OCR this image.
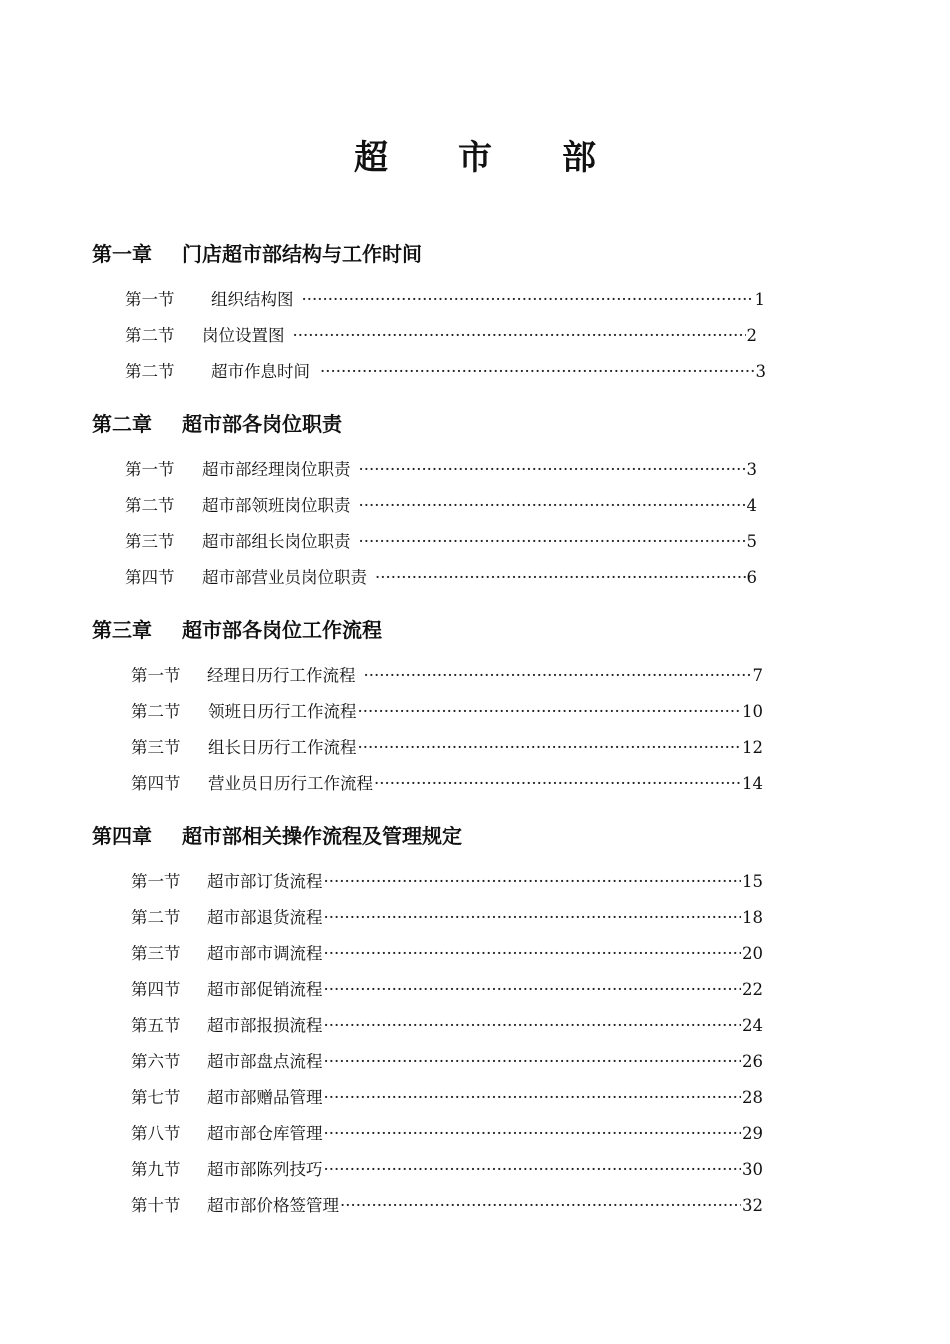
超 市 部
第一章 门店超市部结构与工作时间
第一节	组织结构图 ·····	1
第二节	岗位设置图 ·····	2
第二节	超市作息时间 ·····	3
第二章 超市部各岗位职责
第一节	超市部经理岗位职责 ·····	3
第二节	超市部领班岗位职责 ·····	4
第三节	超市部组长岗位职责 ·····	5
第四节	超市部营业员岗位职责 ·····	6
第三章 超市部各岗位工作流程
第一节	经理日历行工作流程 ·····	7
第二节	领班日历行工作流程 ·····	10
第三节	组长日历行工作流程 ·····	12
第四节	营业员日历行工作流程 ·····	14
第四章 超市部相关操作流程及管理规定
第一节	超市部订货流程 ·····	15
第二节	超市部退货流程 ·····	18
第三节	超市部市调流程 ·····	20
第四节	超市部促销流程 ·····	22
第五节	超市部报损流程 ·····	24
第六节	超市部盘点流程 ·····	26
第七节	超市部赠品管理 ·····	28
第八节	超市部仓库管理 ·····	29
第九节	超市部陈列技巧 ·····	30
第十节	超市部价格签管理 ·····	32
